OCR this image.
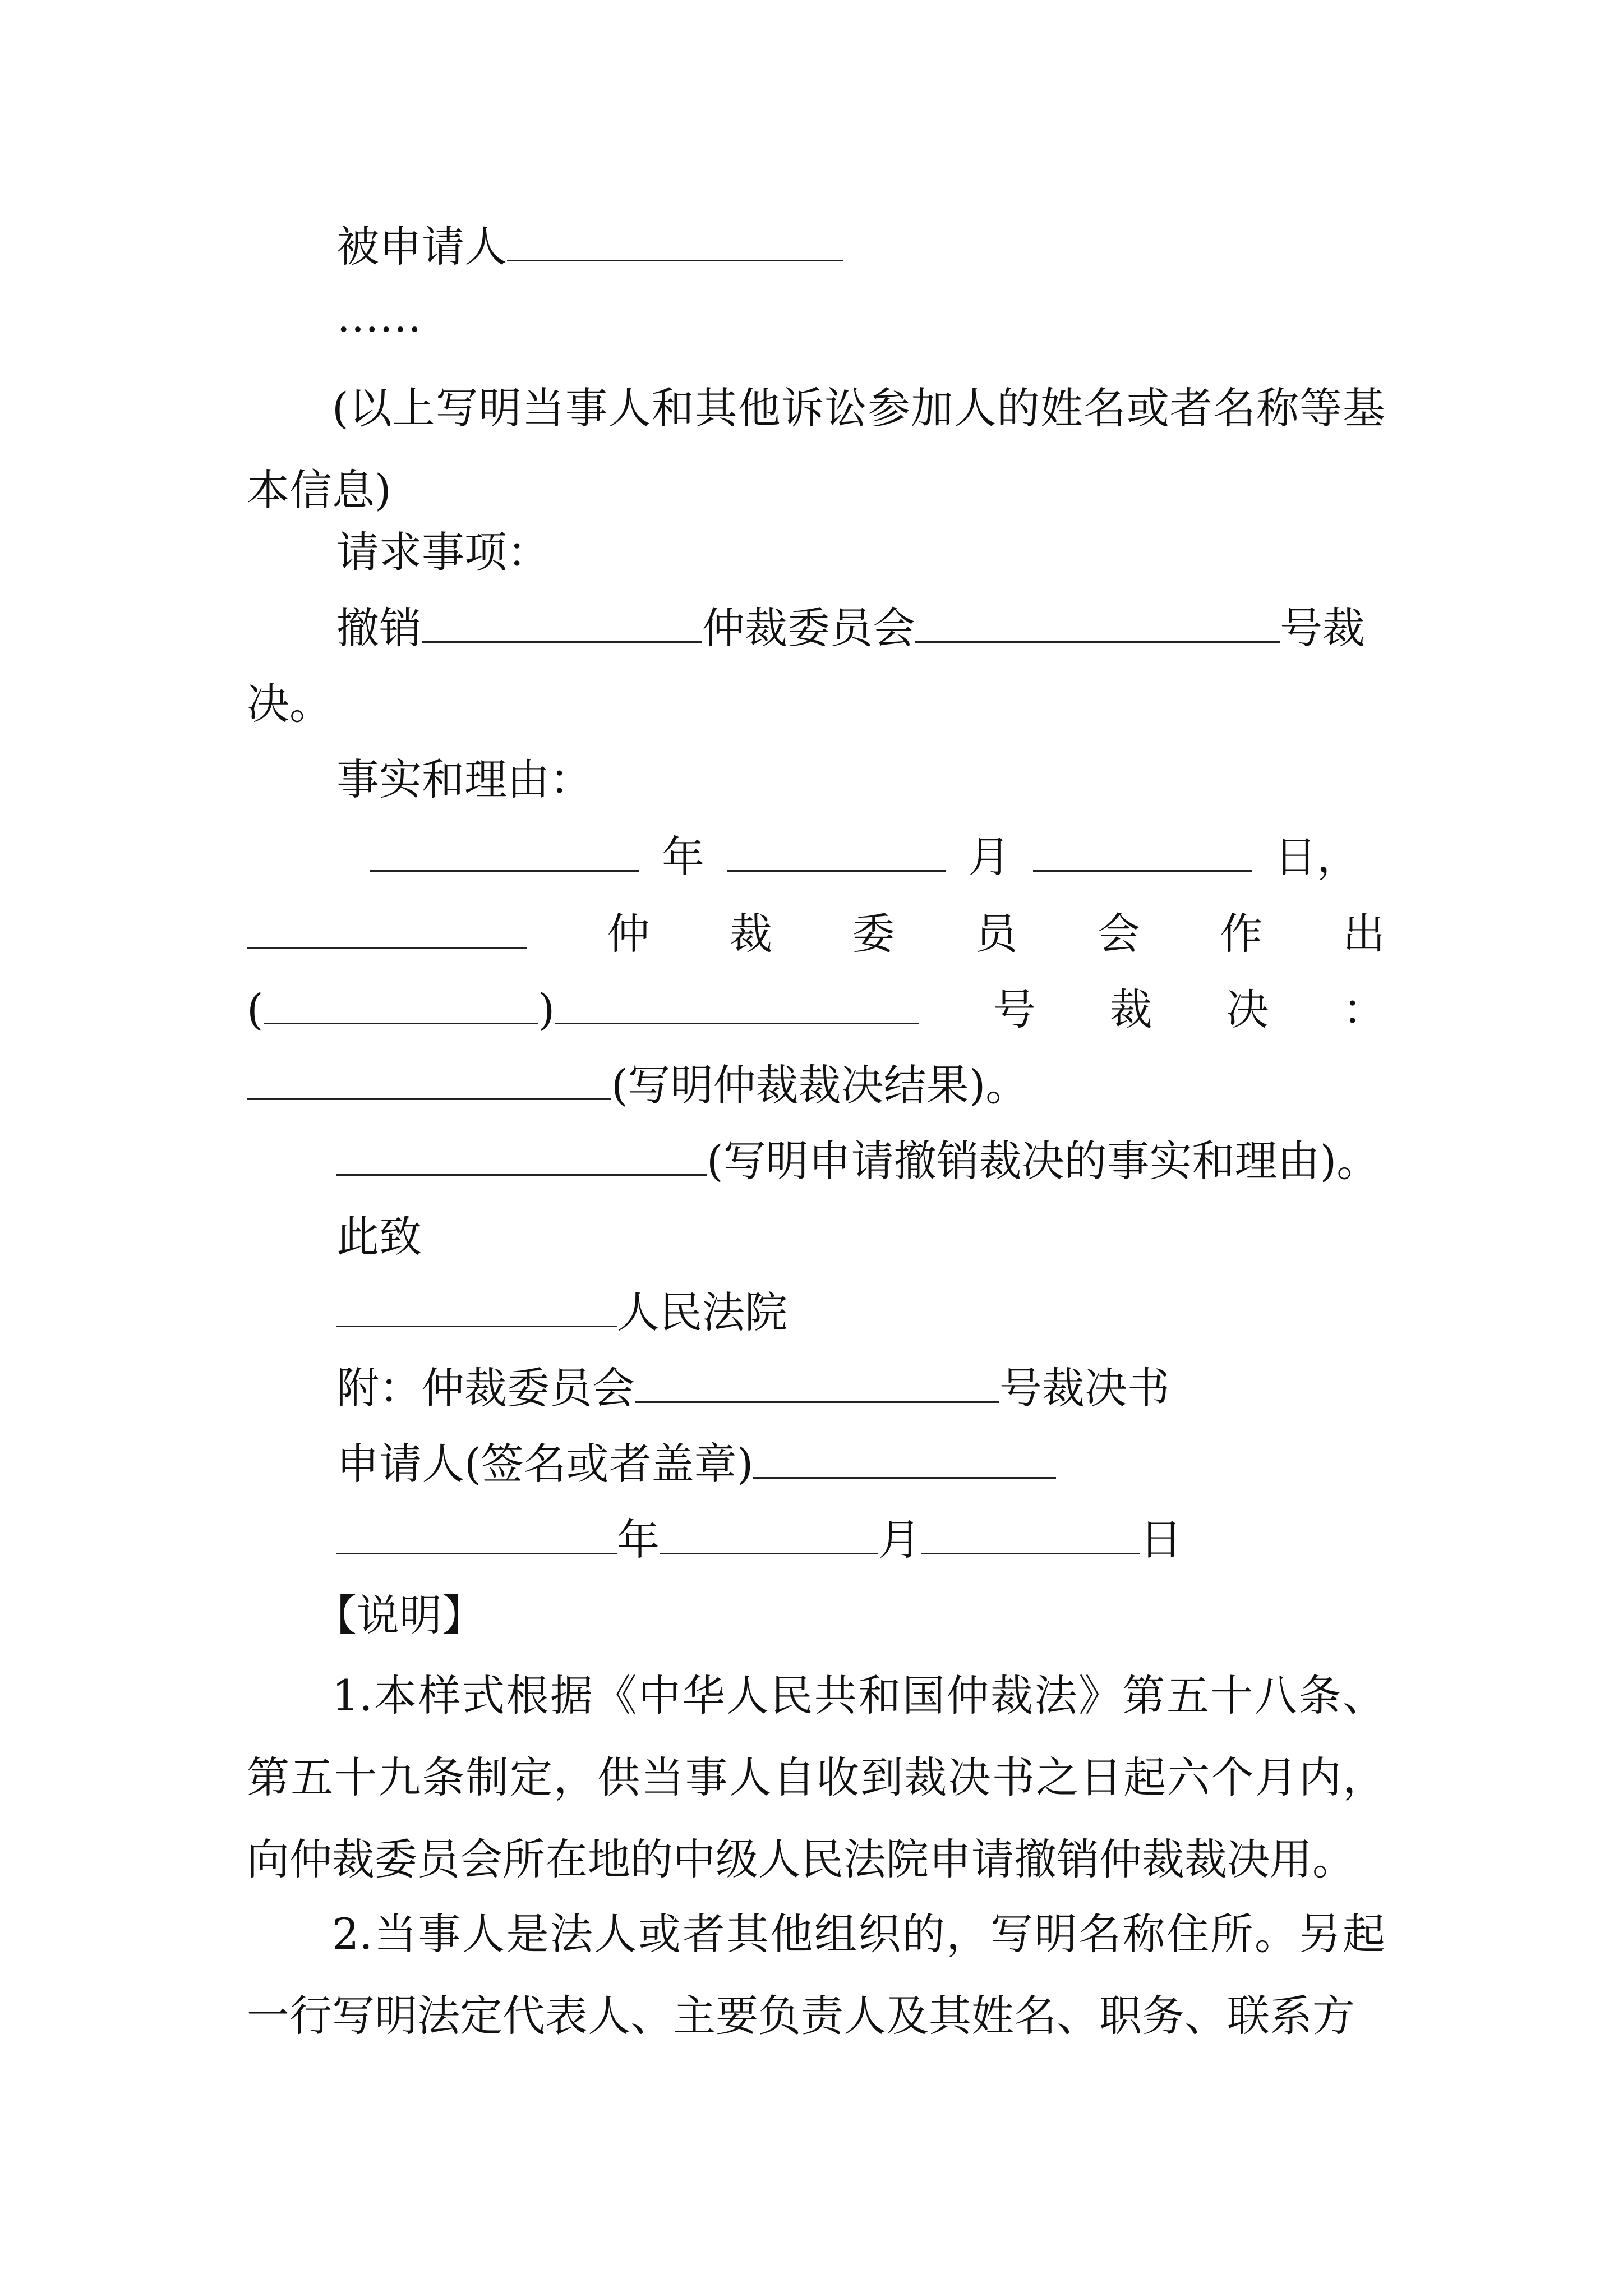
被申请人
……
(以上写明当事人和其他诉讼参加人的姓名或者名称等基本信息)
请求事项：
撤销	仲裁委员会	号裁
决。
事实和理由：
年	月	日，
仲 裁 委 员 会 作 出
(	)	号 裁 决 ：
(写明仲裁裁决结果)。
(写明申请撤销裁决的事实和理由)。
此致
人民法院
附：仲裁委员会	号裁决书
申请人(签名或者盖章)
年	月	日
【说明】
1.本样式根据《中华人民共和国仲裁法》第五十八条、第五十九条制定，供当事人自收到裁决书之日起六个月内，向仲裁委员会所在地的中级人民法院申请撤销仲裁裁决用。
2.当事人是法人或者其他组织的，写明名称住所。另起一行写明法定代表人、主要负责人及其姓名、职务、联系方
